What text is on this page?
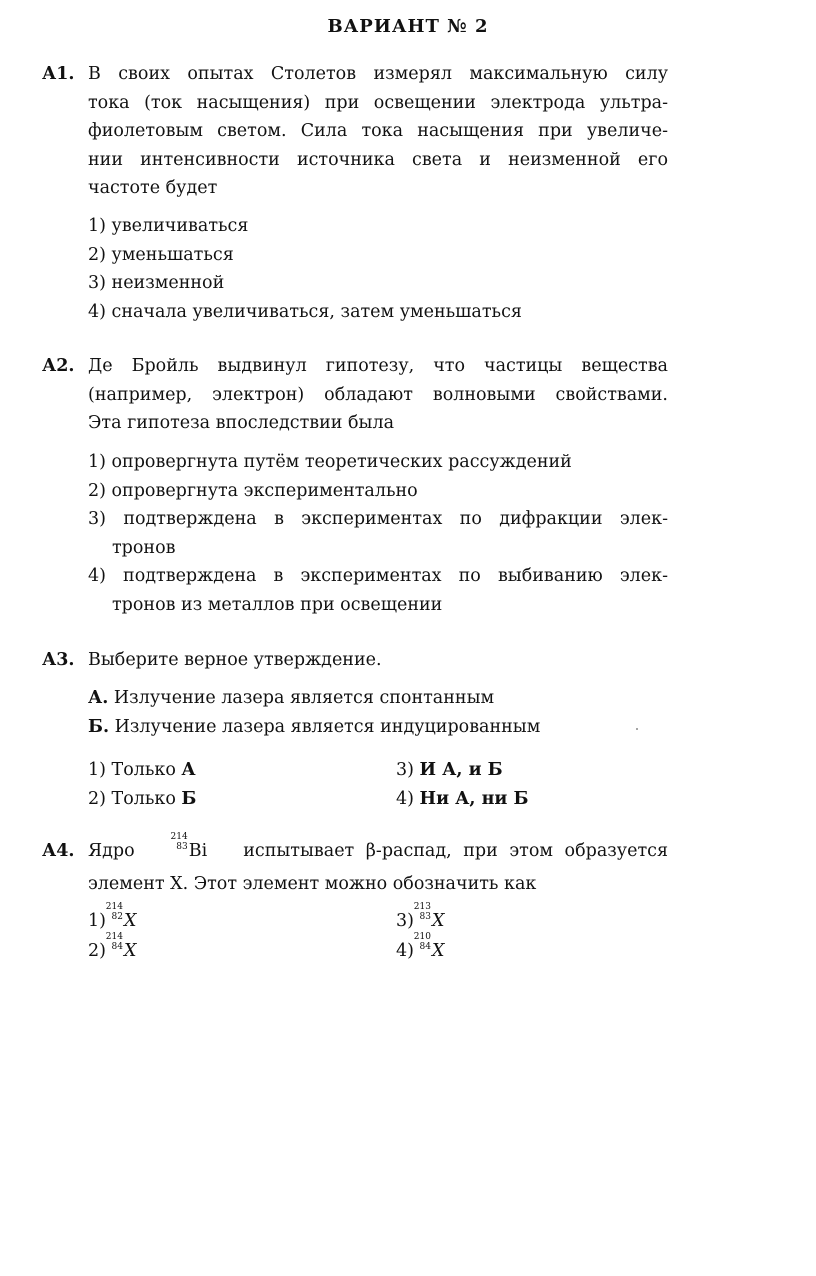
ВАРИАНТ № 2
А1. В своих опытах Столетов измерял максимальную силу
тока (ток насыщения) при освещении электрода ультра-
фиолетовым светом. Сила тока насыщения при увеличе-
нии интенсивности источника света и неизменной его
частоте будет
1) увеличиваться
2) уменьшаться
3) неизменной
4) сначала увеличиваться, затем уменьшаться
А2. Де Бройль выдвинул гипотезу, что частицы вещества
(например, электрон) обладают волновыми свойствами.
Эта гипотеза впоследствии была
1) опровергнута путём теоретических рассуждений
2) опровергнута экспериментально
3) подтверждена в экспериментах по дифракции элек-
тронов
4) подтверждена в экспериментах по выбиванию элек-
тронов из металлов при освещении
А3. Выберите верное утверждение.
А. Излучение лазера является спонтанным
Б. Излучение лазера является индуцированным
1) Только А	3) И А, и Б
2) Только Б	4) Ни А, ни Б
А4. Ядро
214
83 Bi испытывает β-распад, при этом образуется
элемент X. Этот элемент можно обозначить как
1)
214
82 X	3)
213
83 X
2)
214
84 X	4)
210
84 X
